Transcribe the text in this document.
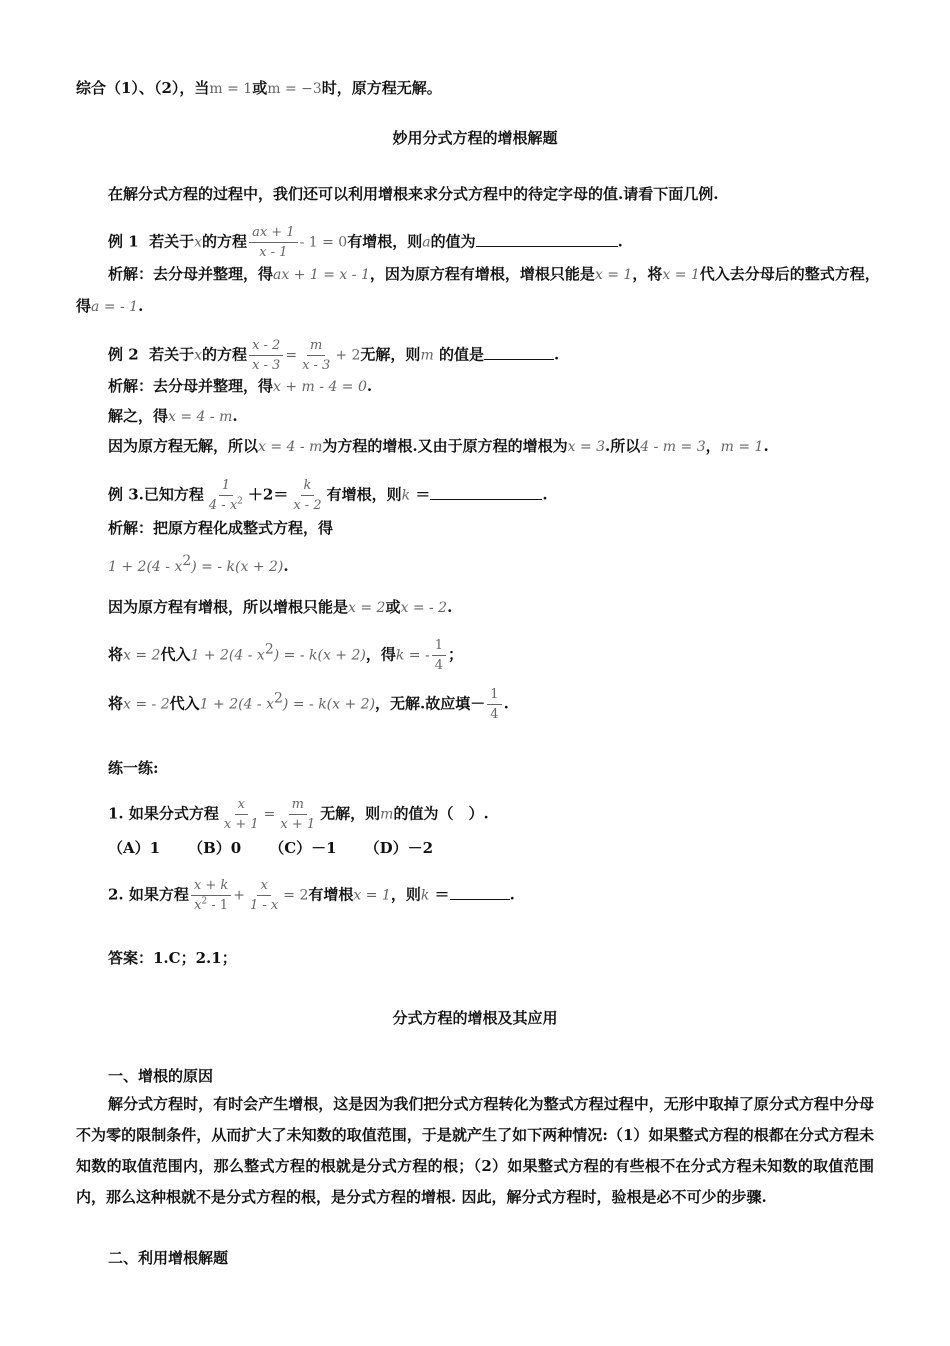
综合（1）、（2），当m = 1或m = −3时，原方程无解。
妙用分式方程的增根解题
在解分式方程的过程中，我们还可以利用增根来求分式方程中的待定字母的值.请看下面几例.
例 1 若关于x的方程 $\frac{ax + 1}{x - 1} - 1 = 0$有增根，则a的值为	.
析解：去分母并整理，得ax + 1 = x - 1，因为原方程有增根，增根只能是x = 1，将x = 1代入去分母后的整式方程，
得a = - 1.
例 2 若关于x的方程 $\frac{x - 2}{x - 3} = \frac{m}{x - 3} + 2$无解，则m 的值是	.
析解：去分母并整理，得x + m - 4 = 0.
解之，得x = 4 - m.
因为原方程无解，所以x = 4 - m为方程的增根.又由于原方程的增根为x = 3.所以4 - m = 3，m = 1.
例 3.已知方程 $\frac{1}{4 - x^2} +2= \frac{k}{x - 2}$ 有增根，则k ＝	.
析解：把原方程化成整式方程，得
$1 + 2(4 - x^2)$ = - k(x + 2).
因为原方程有增根，所以增根只能是x = 2或x = - 2.
将x = 2代入$1 + 2(4 - x^2)$ = - k(x + 2)，得k = - $\frac{1}{4}$ ；
将x = - 2代入$1 + 2(4 - x^2)$ = - k(x + 2)，无解.故应填－ $\frac{1}{4}$ .
练一练:
1. 如果分式方程 $\frac{x}{x + 1} = \frac{m}{x + 1}$ 无解，则m的值为（　）.
（A）1 （B）0 （C）－1 （D）－2
2. 如果方程 $\frac{x + k}{x^2 - 1} + \frac{x}{1 - x} = 2$有增根x = 1，则k ＝	.
答案：1.C；2.1；
分式方程的增根及其应用
一、增根的原因
解分式方程时，有时会产生增根，这是因为我们把分式方程转化为整式方程过程中，无形中取掉了原分式方程中分母不为零的限制条件，从而扩大了未知数的取值范围，于是就产生了如下两种情况:（1）如果整式方程的根都在分式方程未知数的取值范围内，那么整式方程的根就是分式方程的根；（2）如果整式方程的有些根不在分式方程未知数的取值范围内，那么这种根就不是分式方程的根，是分式方程的增根. 因此，解分式方程时，验根是必不可少的步骤.
二、利用增根解题
